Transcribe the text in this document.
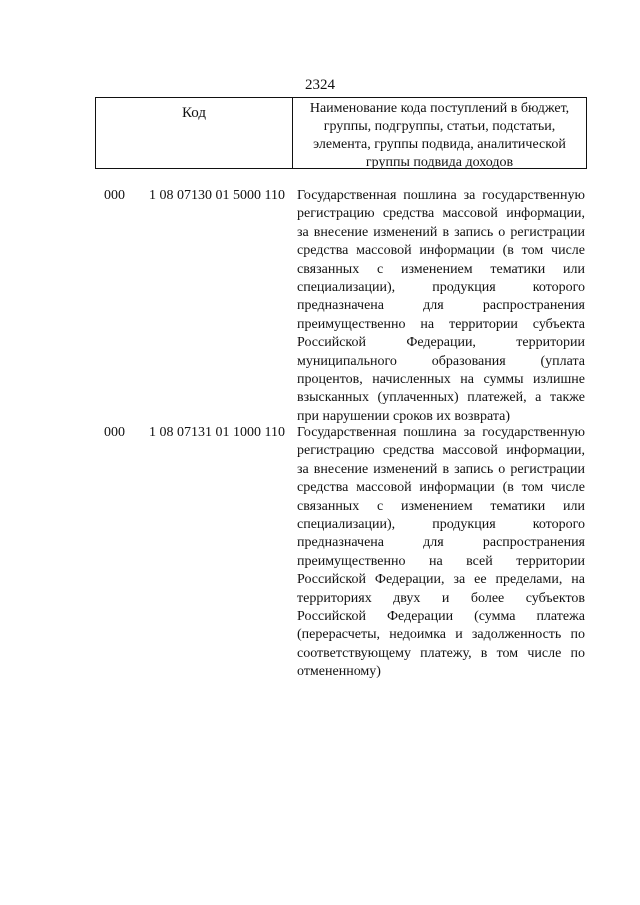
2324
Код	Наименование кода поступлений в бюджет, группы, подгруппы, статьи, подстатьи, элемента, группы подвида, аналитической группы подвида доходов
000	1 08 07130 01 5000 110 Государственная пошлина за государственную регистрацию средства массовой информации, за внесение изменений в запись о регистрации средства массовой информации (в том числе связанных с изменением тематики или специализации), продукция которого предназначена для распространения преимущественно на территории субъекта Российской Федерации, территории муниципального образования (уплата процентов, начисленных на суммы излишне взысканных (уплаченных) платежей, а также при нарушении сроков их возврата)
000	1 08 07131 01 1000 110 Государственная пошлина за государственную регистрацию средства массовой информации, за внесение изменений в запись о регистрации средства массовой информации (в том числе связанных с изменением тематики или специализации), продукция которого предназначена для распространения преимущественно на всей территории Российской Федерации, за ее пределами, на территориях двух и более субъектов Российской Федерации (сумма платежа (перерасчеты, недоимка и задолженность по соответствующему платежу, в том числе по отмененному)
